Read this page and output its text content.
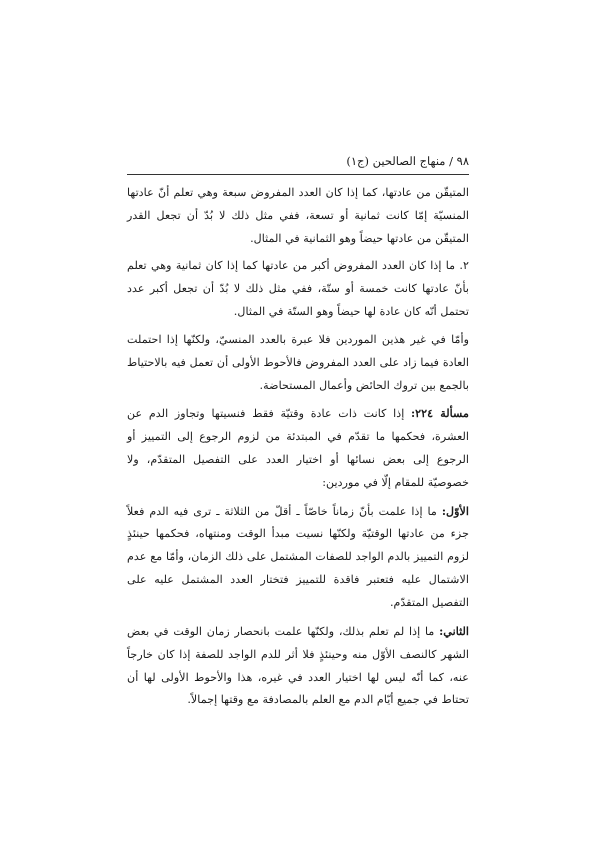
٩٨ / منهاج الصالحين (ج١)

المتيقّن من عادتها، كما إذا كان العدد المفروض سبعة وهي تعلم أنّ عادتها المنسيّة إمّا كانت ثمانية أو تسعة، ففي مثل ذلك لا بُدّ أن تجعل القدر المتيقّن من عادتها حيضاً وهو الثمانية في المثال.

٢. ما إذا كان العدد المفروض أكبر من عادتها كما إذا كان ثمانية وهي تعلم بأنّ عادتها كانت خمسة أو ستّة، ففي مثل ذلك لا بُدّ أن تجعل أكبر عدد تحتمل أنّه كان عادة لها حيضاً وهو الستّة في المثال.

وأمّا في غير هذين الموردين فلا عبرة بالعدد المنسيّ، ولكنّها إذا احتملت العادة فيما زاد على العدد المفروض فالأحوط الأولى أن تعمل فيه بالاحتياط بالجمع بين تروك الحائض وأعمال المستحاضة.

مسألة ٢٢٤: إذا كانت ذات عادة وقتيّة فقط فنسيتها وتجاوز الدم عن العشرة، فحكمها ما تقدّم في المبتدئة من لزوم الرجوع إلى التمييز أو الرجوع إلى بعض نسائها أو اختيار العدد على التفصيل المتقدّم، ولا خصوصيّة للمقام إلّا في موردين:

الأوّل: ما إذا علمت بأنّ زماناً خاصّاً ـ أقلّ من الثلاثة ـ ترى فيه الدم فعلاً جزء من عادتها الوقتيّة ولكنّها نسيت مبدأ الوقت ومنتهاه، فحكمها حينئذٍ لزوم التمييز بالدم الواجد للصفات المشتمل على ذلك الزمان، وأمّا مع عدم الاشتمال عليه فتعتبر فاقدة للتمييز فتختار العدد المشتمل عليه على التفصيل المتقدّم.

الثاني: ما إذا لم تعلم بذلك، ولكنّها علمت بانحصار زمان الوقت في بعض الشهر كالنصف الأوّل منه وحينئذٍ فلا أثر للدم الواجد للصفة إذا كان خارجاً عنه، كما أنّه ليس لها اختيار العدد في غيره، هذا والأحوط الأولى لها أن تحتاط في جميع أيّام الدم مع العلم بالمصادفة مع وقتها إجمالاً.
